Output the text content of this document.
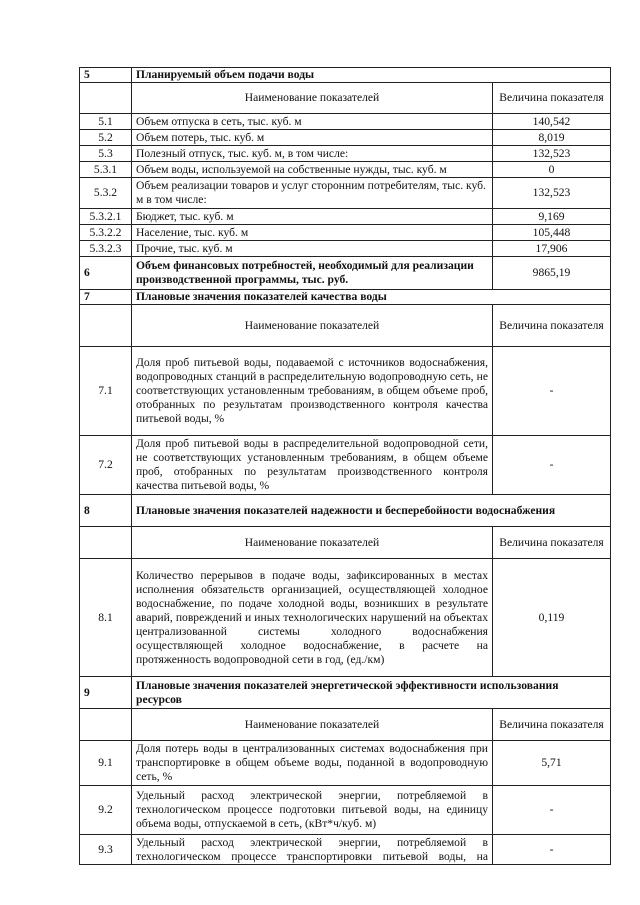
5	Планируемый объем подачи воды	
	Наименование показателей	Величина показателя
5.1	Объем отпуска в сеть, тыс. куб. м	140,542
5.2	Объем потерь, тыс. куб. м	8,019
5.3	Полезный отпуск, тыс. куб. м, в том числе:	132,523
5.3.1	Объем воды, используемой на собственные нужды, тыс. куб. м	0
5.3.2	Объем реализации товаров и услуг сторонним потребителям, тыс. куб. м в том числе:	132,523
5.3.2.1	Бюджет, тыс. куб. м	9,169
5.3.2.2	Население, тыс. куб. м	105,448
5.3.2.3	Прочие, тыс. куб. м	17,906
6	Объем финансовых потребностей, необходимый для реализации производственной программы, тыс. руб.	9865,19
7	Плановые значения показателей качества воды	
	Наименование показателей	Величина показателя
7.1	Доля проб питьевой воды, подаваемой с источников водоснабжения, водопроводных станций в распределительную водопроводную сеть, не соответствующих установленным требованиям, в общем объеме проб, отобранных по результатам производственного контроля качества питьевой воды, %	-
7.2	Доля проб питьевой воды в распределительной водопроводной сети, не соответствующих установленным требованиям, в общем объеме проб, отобранных по результатам производственного контроля качества питьевой воды, %	-
8	Плановые значения показателей надежности и бесперебойности водоснабжения	
	Наименование показателей	Величина показателя
8.1	Количество перерывов в подаче воды, зафиксированных в местах исполнения обязательств организацией, осуществляющей холодное водоснабжение, по подаче холодной воды, возникших в результате аварий, повреждений и иных технологических нарушений на объектах централизованной системы холодного водоснабжения осуществляющей холодное водоснабжение, в расчете на протяженность водопроводной сети в год, (ед./км)	0,119
9	Плановые значения показателей энергетической эффективности использования ресурсов	
	Наименование показателей	Величина показателя
9.1	Доля потерь воды в централизованных системах водоснабжения при транспортировке в общем объеме воды, поданной в водопроводную сеть, %	5,71
9.2	Удельный расход электрической энергии, потребляемой в технологическом процессе подготовки питьевой воды, на единицу объема воды, отпускаемой в сеть, (кВт*ч/куб. м)	-
9.3	Удельный расход электрической энергии, потребляемой в технологическом процессе транспортировки питьевой воды, на	-
